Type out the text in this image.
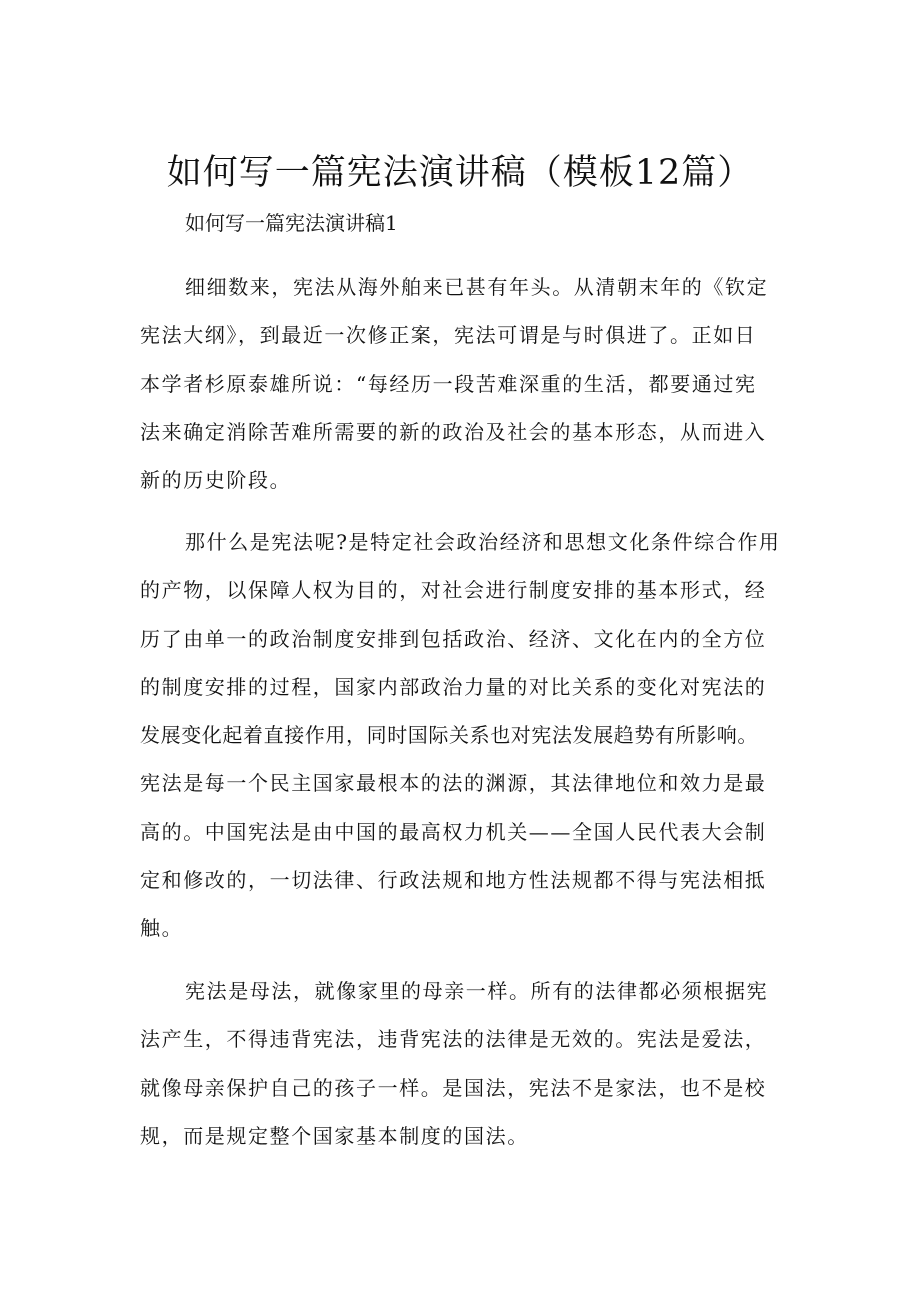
如何写一篇宪法演讲稿（模板12篇）

如何写一篇宪法演讲稿1

细细数来，宪法从海外舶来已甚有年头。从清朝末年的《钦定
宪法大纲》，到最近一次修正案，宪法可谓是与时俱进了。正如日
本学者杉原泰雄所说：“每经历一段苦难深重的生活，都要通过宪
法来确定消除苦难所需要的新的政治及社会的基本形态，从而进入
新的历史阶段。
那什么是宪法呢?是特定社会政治经济和思想文化条件综合作用
的产物，以保障人权为目的，对社会进行制度安排的基本形式，经
历了由单一的政治制度安排到包括政治、经济、文化在内的全方位
的制度安排的过程，国家内部政治力量的对比关系的变化对宪法的
发展变化起着直接作用，同时国际关系也对宪法发展趋势有所影响。
宪法是每一个民主国家最根本的法的渊源，其法律地位和效力是最
高的。中国宪法是由中国的最高权力机关——全国人民代表大会制
定和修改的，一切法律、行政法规和地方性法规都不得与宪法相抵
触。
宪法是母法，就像家里的母亲一样。所有的法律都必须根据宪
法产生，不得违背宪法，违背宪法的法律是无效的。宪法是爱法，
就像母亲保护自己的孩子一样。是国法，宪法不是家法，也不是校
规，而是规定整个国家基本制度的国法。
